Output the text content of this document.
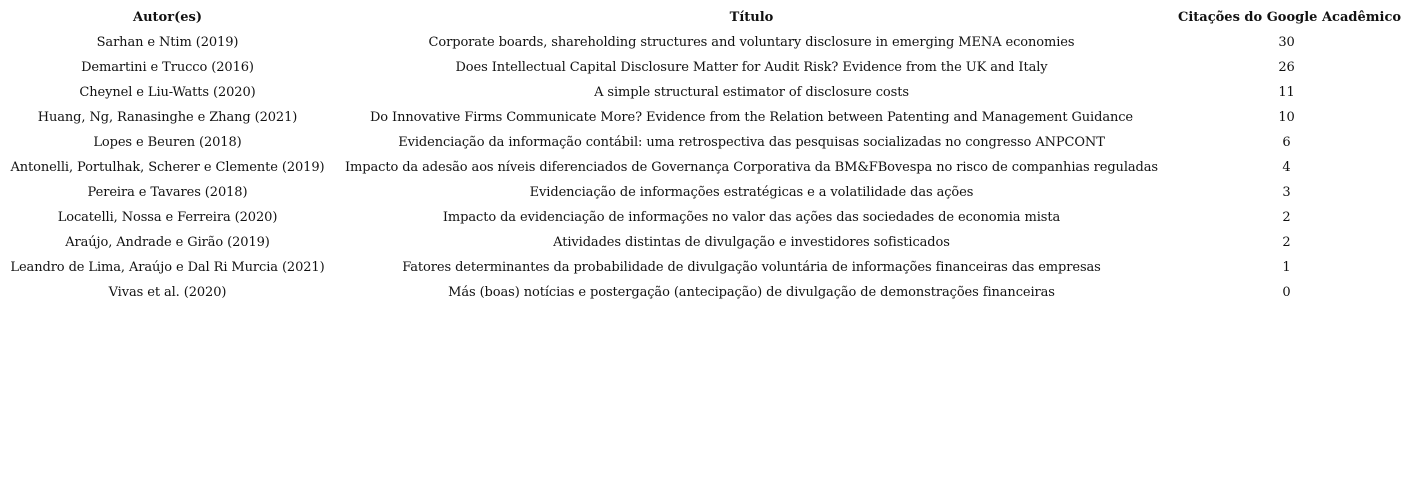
Autor(es)	Título	Citações do Google Acadêmico
Sarhan e Ntim (2019)	Corporate boards, shareholding structures and voluntary disclosure in emerging MENA economies	30
Demartini e Trucco (2016)	Does Intellectual Capital Disclosure Matter for Audit Risk? Evidence from the UK and Italy	26
Cheynel e Liu-Watts (2020)	A simple structural estimator of disclosure costs	11
Huang, Ng, Ranasinghe e Zhang (2021)	Do Innovative Firms Communicate More? Evidence from the Relation between Patenting and Management Guidance	10
Lopes e Beuren (2018)	Evidenciação da informação contábil: uma retrospectiva das pesquisas socializadas no congresso ANPCONT	6
Antonelli, Portulhak, Scherer e Clemente (2019)	Impacto da adesão aos níveis diferenciados de Governança Corporativa da BM&FBovespa no risco de companhias reguladas	4
Pereira e Tavares (2018)	Evidenciação de informações estratégicas e a volatilidade das ações	3
Locatelli, Nossa e Ferreira (2020)	Impacto da evidenciação de informações no valor das ações das sociedades de economia mista	2
Araújo, Andrade e Girão (2019)	Atividades distintas de divulgação e investidores sofisticados	2
Leandro de Lima, Araújo e Dal Ri Murcia (2021)	Fatores determinantes da probabilidade de divulgação voluntária de informações financeiras das empresas	1
Vivas et al. (2020)	Más (boas) notícias e postergação (antecipação) de divulgação de demonstrações financeiras	0
